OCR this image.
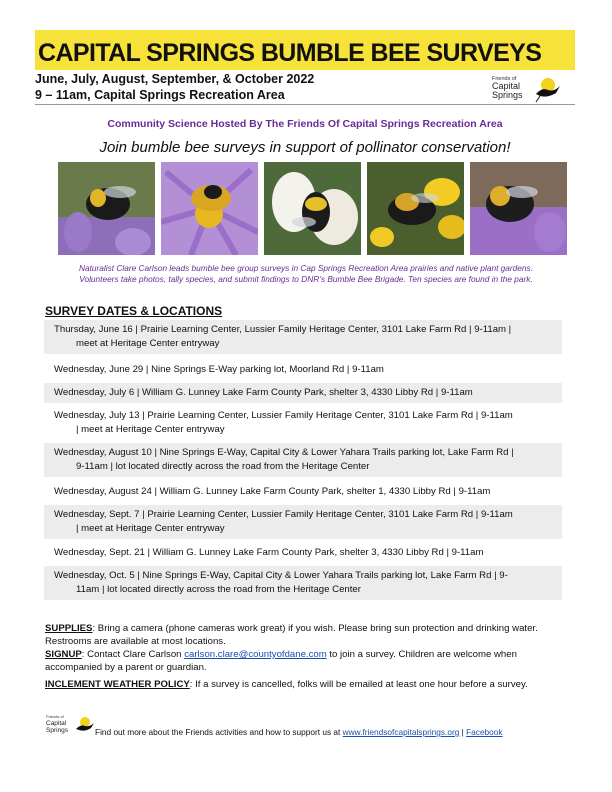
CAPITAL SPRINGS BUMBLE BEE SURVEYS
June, July, August, September, & October 2022
9 – 11am, Capital Springs Recreation Area
Friends of
Capital
Springs
Community Science Hosted By The Friends Of Capital Springs Recreation Area
Join bumble bee surveys in support of pollinator conservation!
Naturalist Clare Carlson leads bumble bee group surveys in Cap Springs Recreation Area prairies and native plant gardens.
Volunteers take photos, tally species, and submit findings to DNR’s Bumble Bee Brigade. Ten species are found in the park.
SURVEY DATES & LOCATIONS
Thursday, June 16 | Prairie Learning Center, Lussier Family Heritage Center, 3101 Lake Farm Rd | 9-11am |
meet at Heritage Center entryway
Wednesday, June 29 | Nine Springs E-Way parking lot, Moorland Rd | 9-11am
Wednesday, July 6 | William G. Lunney Lake Farm County Park, shelter 3, 4330 Libby Rd | 9-11am
Wednesday, July 13 | Prairie Learning Center, Lussier Family Heritage Center, 3101 Lake Farm Rd | 9-11am
| meet at Heritage Center entryway
Wednesday, August 10 | Nine Springs E-Way, Capital City & Lower Yahara Trails parking lot, Lake Farm Rd |
9-11am | lot located directly across the road from the Heritage Center
Wednesday, August 24 | William G. Lunney Lake Farm County Park, shelter 1, 4330 Libby Rd | 9-11am
Wednesday, Sept. 7 | Prairie Learning Center, Lussier Family Heritage Center, 3101 Lake Farm Rd | 9-11am
| meet at Heritage Center entryway
Wednesday, Sept. 21 | William G. Lunney Lake Farm County Park, shelter 3, 4330 Libby Rd | 9-11am
Wednesday, Oct. 5 | Nine Springs E-Way, Capital City & Lower Yahara Trails parking lot, Lake Farm Rd | 9-
11am | lot located directly across the road from the Heritage Center
SUPPLIES: Bring a camera (phone cameras work great) if you wish. Please bring sun protection and drinking water. Restrooms are available at most locations.
SIGNUP: Contact Clare Carlson carlson.clare@countyofdane.com to join a survey. Children are welcome when accompanied by a parent or guardian.
INCLEMENT WEATHER POLICY: If a survey is cancelled, folks will be emailed at least one hour before a survey.
Friends of
Capital
Springs	Find out more about the Friends activities and how to support us at www.friendsofcapitalsprings.org | Facebook
